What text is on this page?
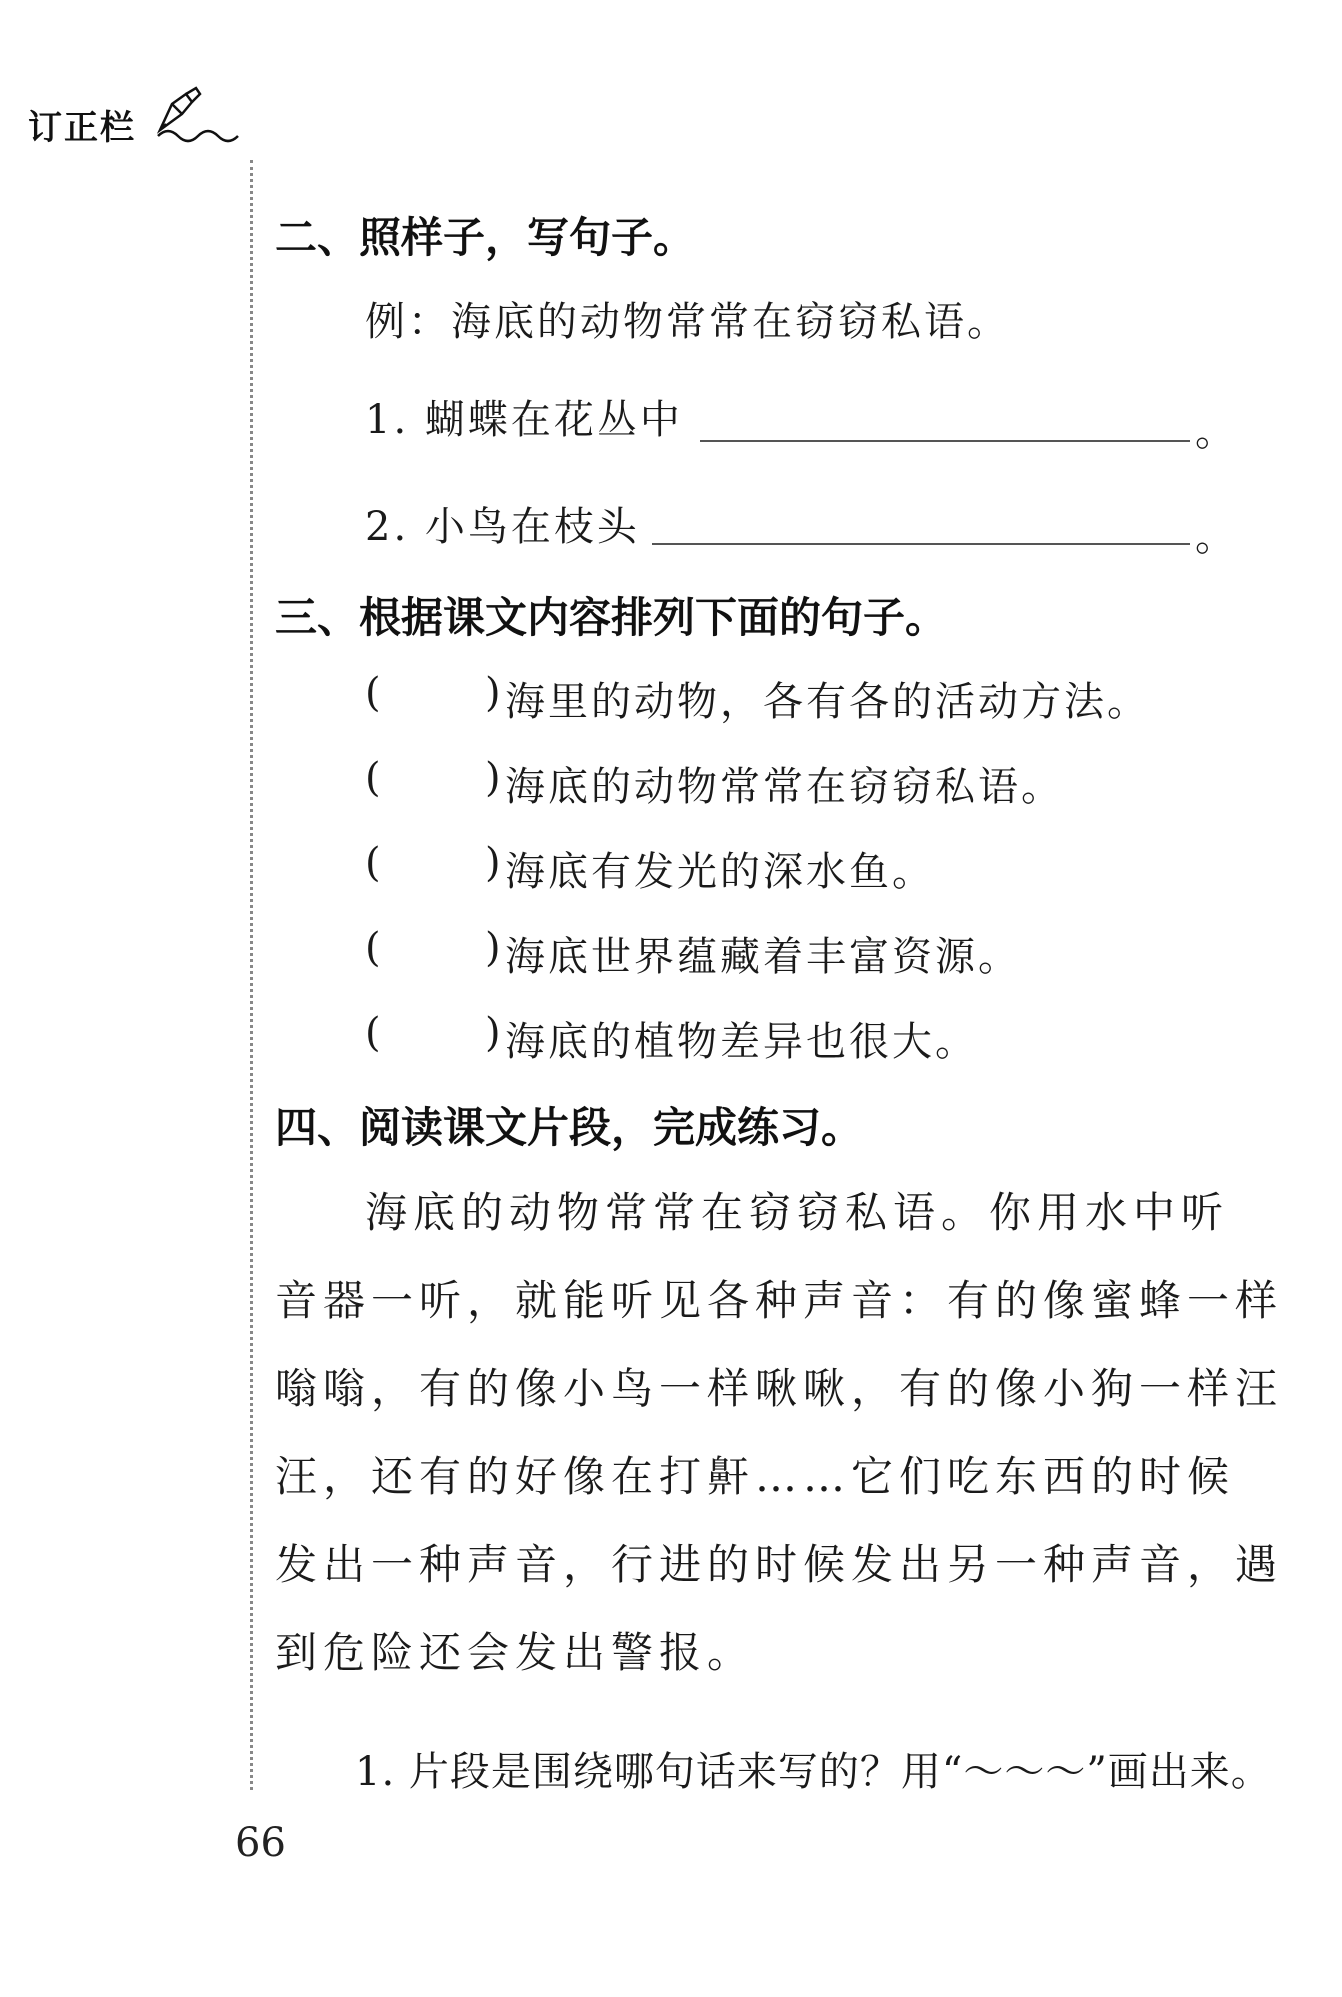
订正栏
二、照样子，写句子。
例：海底的动物常常在窃窃私语。
1. 蝴蝶在花丛中	。
2. 小鸟在枝头	。
三、根据课文内容排列下面的句子。
(	) 海里的动物，各有各的活动方法。
(	) 海底的动物常常在窃窃私语。
(	) 海底有发光的深水鱼。
(	) 海底世界蕴藏着丰富资源。
(	) 海底的植物差异也很大。
四、阅读课文片段，完成练习。
海底的动物常常在窃窃私语。你用水中听
音器一听，就能听见各种声音：有的像蜜蜂一样
嗡嗡，有的像小鸟一样啾啾，有的像小狗一样汪
汪，还有的好像在打鼾……它们吃东西的时候
发出一种声音，行进的时候发出另一种声音，遇
到危险还会发出警报。
1. 片段是围绕哪句话来写的？用“～～～”画出来。
66
